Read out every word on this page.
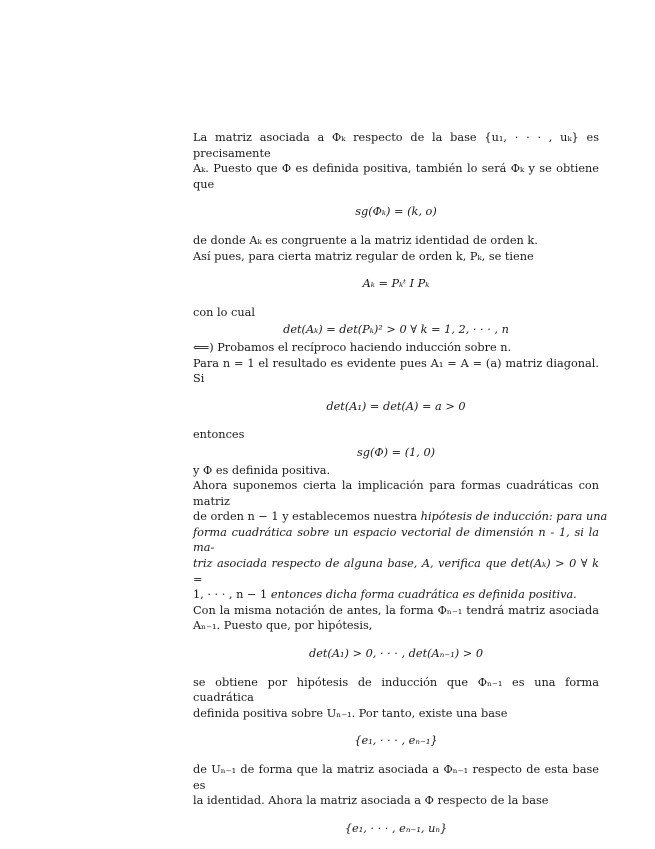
La matriz asociada a Φₖ respecto de la base {u₁, · · · , uₖ} es precisamente
Aₖ. Puesto que Φ es definida positiva, también lo será Φₖ y se obtiene que
sg(Φₖ) = (k, o)
de donde Aₖ es congruente a la matriz identidad de orden k.
Así pues, para cierta matriz regular de orden k, Pₖ, se tiene
Aₖ = Pₖᵗ I Pₖ
con lo cual
det(Aₖ) = det(Pₖ)² > 0 ∀ k = 1, 2, · · · , n
⟸) Probamos el recíproco haciendo inducción sobre n.
Para n = 1 el resultado es evidente pues A₁ = A = (a) matriz diagonal. Si
det(A₁) = det(A) = a > 0
entonces
sg(Φ) = (1, 0)
y Φ es definida positiva.
Ahora suponemos cierta la implicación para formas cuadráticas con matriz
de orden n − 1 y establecemos nuestra hipótesis de inducción: para una
forma cuadrática sobre un espacio vectorial de dimensión n - 1, si la ma-
triz asociada respecto de alguna base, A, verifica que det(Aₖ) > 0 ∀ k =
1, · · · , n − 1 entonces dicha forma cuadrática es definida positiva.
Con la misma notación de antes, la forma Φₙ₋₁ tendrá matriz asociada
Aₙ₋₁. Puesto que, por hipótesis,
det(A₁) > 0, · · · , det(Aₙ₋₁) > 0
se obtiene por hipótesis de inducción que Φₙ₋₁ es una forma cuadrática
definida positiva sobre Uₙ₋₁. Por tanto, existe una base
{e₁, · · · , eₙ₋₁}
de Uₙ₋₁ de forma que la matriz asociada a Φₙ₋₁ respecto de esta base es
la identidad. Ahora la matriz asociada a Φ respecto de la base
{e₁, · · · , eₙ₋₁, uₙ}
